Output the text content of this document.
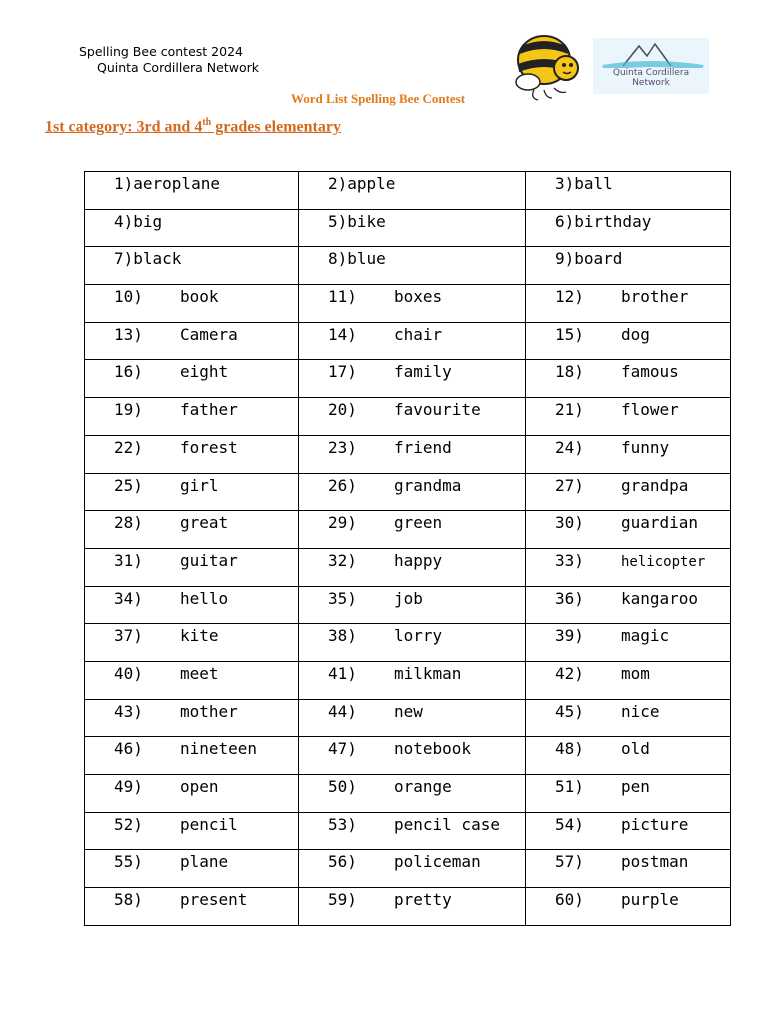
Spelling Bee contest 2024
Quinta Cordillera Network	Quinta Cordillera Network
Word List Spelling Bee Contest
1st category: 3rd and 4th grades elementary
1)aeroplane	2)apple	3)ball

4)big	5)bike	6)birthday

7)black	8)blue	9)board

10) book	11) boxes	12) brother

13) Camera	14) chair	15) dog

16) eight	17) family	18) famous

19) father	20) favourite	21) flower

22) forest	23) friend	24) funny

25) girl	26) grandma	27) grandpa

28) great	29) green	30) guardian

31) guitar	32) happy	33) helicopter

34) hello	35) job	36) kangaroo

37) kite	38) lorry	39) magic

40) meet	41) milkman	42) mom

43) mother	44) new	45) nice

46) nineteen	47) notebook	48) old

49) open	50) orange	51) pen

52) pencil	53) pencil case	54) picture

55) plane	56) policeman	57) postman

58) present	59) pretty	60) purple
